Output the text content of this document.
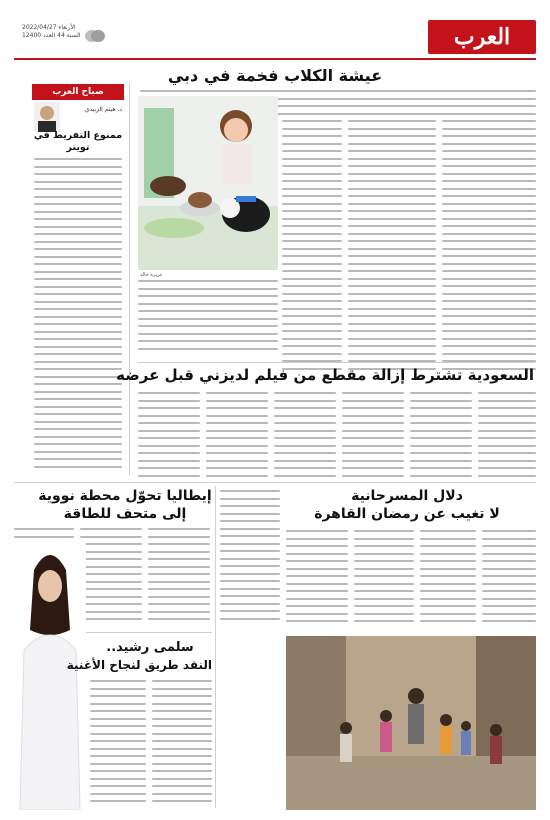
العرب
الأربعاء 2022/04/27
السنة 44 العدد 12400
عيشة الكلاب فخمة في دبي
عزيزة خالد
صباح العرب
د. هيثم الزبيدي
ممنوع التفريط في تويتر
السعودية تشترط إزالة مقطع من فيلم لديزني قبل عرضه
إيطاليا تحوّل محطة نووية
إلى متحف للطاقة
سلمى رشيد..
النقد طريق لنجاح الأغنية
دلال المسرحانية
لا تغيب عن رمضان القاهرة
